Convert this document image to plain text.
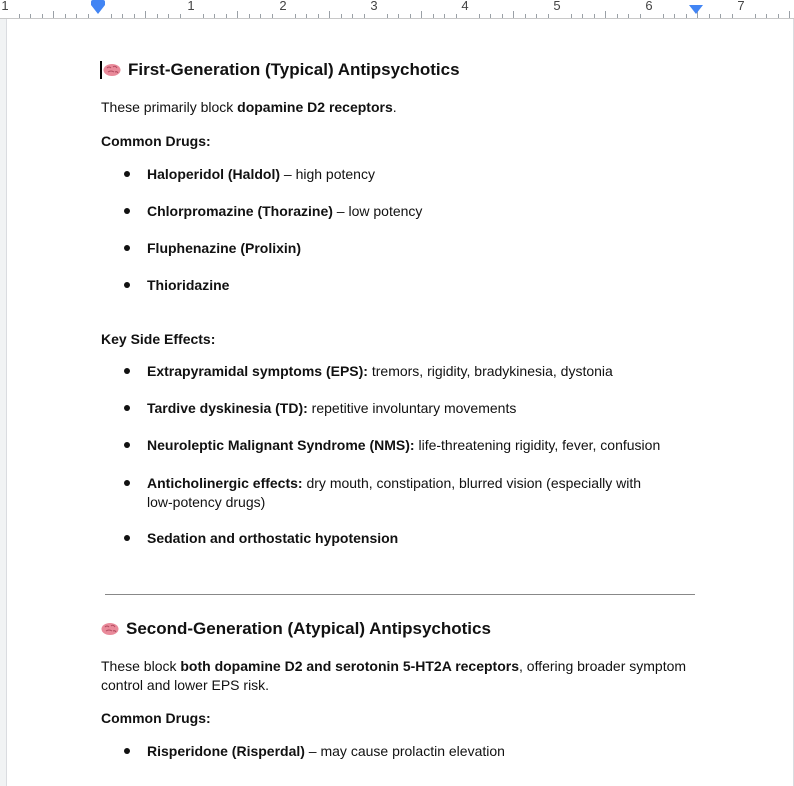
1	1	2	3	4	5	6	7
First-Generation (Typical) Antipsychotics

These primarily block dopamine D2 receptors.

Common Drugs:

Haloperidol (Haldol) – high potency
Chlorpromazine (Thorazine) – low potency
Fluphenazine (Prolixin)
Thioridazine

Key Side Effects:

Extrapyramidal symptoms (EPS): tremors, rigidity, bradykinesia, dystonia
Tardive dyskinesia (TD): repetitive involuntary movements
Neuroleptic Malignant Syndrome (NMS): life-threatening rigidity, fever, confusion
Anticholinergic effects: dry mouth, constipation, blurred vision (especially with low-potency drugs)
Sedation and orthostatic hypotension
Second-Generation (Atypical) Antipsychotics

These block both dopamine D2 and serotonin 5-HT2A receptors, offering broader symptom control and lower EPS risk.

Common Drugs:

Risperidone (Risperdal) – may cause prolactin elevation
